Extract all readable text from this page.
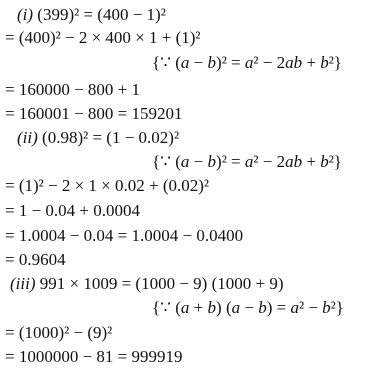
(i) (399)² = (400 − 1)²
= (400)² − 2 × 400 × 1 + (1)²
{∵ (a − b)² = a² − 2ab + b²}
= 160000 − 800 + 1
= 160001 − 800 = 159201
(ii) (0.98)² = (1 − 0.02)²
{∵ (a − b)² = a² − 2ab + b²}
= (1)² − 2 × 1 × 0.02 + (0.02)²
= 1 − 0.04 + 0.0004
= 1.0004 − 0.04 = 1.0004 − 0.0400
= 0.9604
(iii) 991 × 1009 = (1000 − 9) (1000 + 9)
{∵ (a + b) (a − b) = a² − b²}
= (1000)² − (9)²
= 1000000 − 81 = 999919
